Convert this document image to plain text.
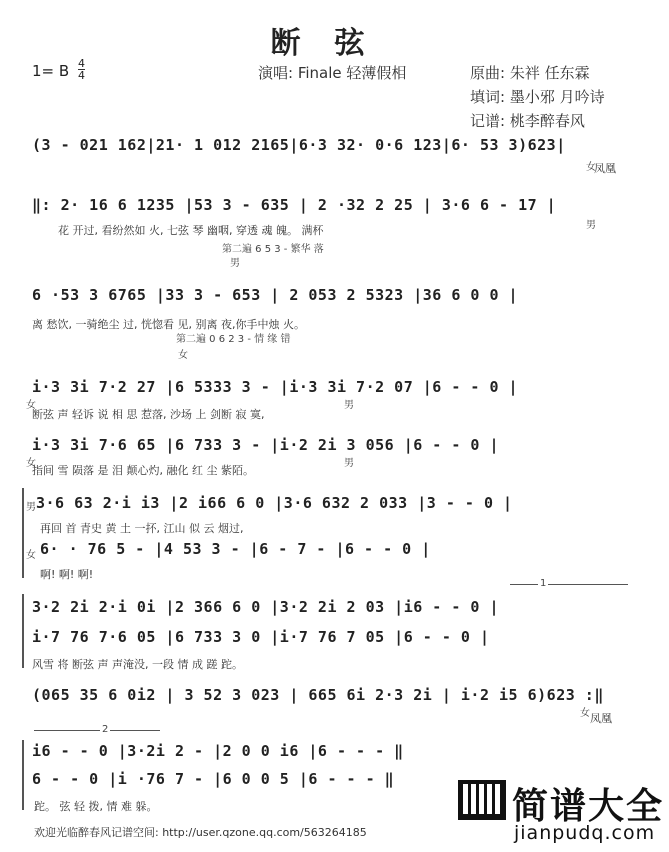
断弦
1= B 4
4	演唱: Finale 轻薄假相	原曲: 朱袢 任东霖
填词: 墨小邪 月吟诗
记谱: 桃李醉春风
(3 - 021 162|21· 1 012 2165|6·3 32· 0·6 123|6· 53 3)623|
女
凤凰
‖: 2· 16 6 1235 |53 3 - 635 | 2 ·32 2 25 | 3·6 6 - 17 |
花 开过, 看纷然如 火, 七弦 琴 幽咽, 穿透 魂 魄。 满杯	男
第二遍 6 5 3 - 繁华 落
男
6 ·53 3 6765 |33 3 - 653 | 2 053 2 5323 |36 6 0 0 |
离 愁饮, 一骑绝尘 过, 恍惚看 见, 别离 夜,你手中烛 火。
第二遍 0 6 2 3 - 情 缘 错
女
i·3 3i 7·2 27 |6 5333 3 - |i·3 3i 7·2 07 |6 - - 0 |
女
断弦 声 轻诉 说 相 思 惹落, 沙场 上 剑断 寂 寞,
男
i·3 3i 7·6 65 |6 733 3 - |i·2 2i 3 056 |6 - - 0 |
女
指间 雪 陨落 是 泪 颠心灼, 融化 红 尘 紫陌。
男
男 3·6 63 2·i i3 |2 i66 6 0 |3·6 632 2 033 |3 - - 0 |
再回 首 青史 黄 土 一抔, 江山 似 云 烟过,
女 6· · 76 5 - |4 53 3 - |6 - 7 - |6 - - 0 |
啊! 啊! 啊!
1
3·2 2i 2·i 0i |2 366 6 0 |3·2 2i 2 03 |i6 - - 0 |
i·7 76 7·6 05 |6 733 3 0 |i·7 76 7 05 |6 - - 0 |
风雪 将 断弦 声 声淹没, 一段 情 成 蹉 跎。
(065 35 6 0i2 | 3 52 3 023 | 665 6i 2·3 2i | i·2 i5 6)623 :‖
女 凤凰
2
i6 - - 0 |3·2i 2 - |2 0 0 i6 |6 - - - ‖
6 - - 0 |i ·76 7 - |6 0 0 5 |6 - - - ‖
跎。 弦 轻 拨, 情 难 躲。
欢迎光临醉春风记谱空间: http://user.qzone.qq.com/563264185
简谱大全
jianpudq.com
